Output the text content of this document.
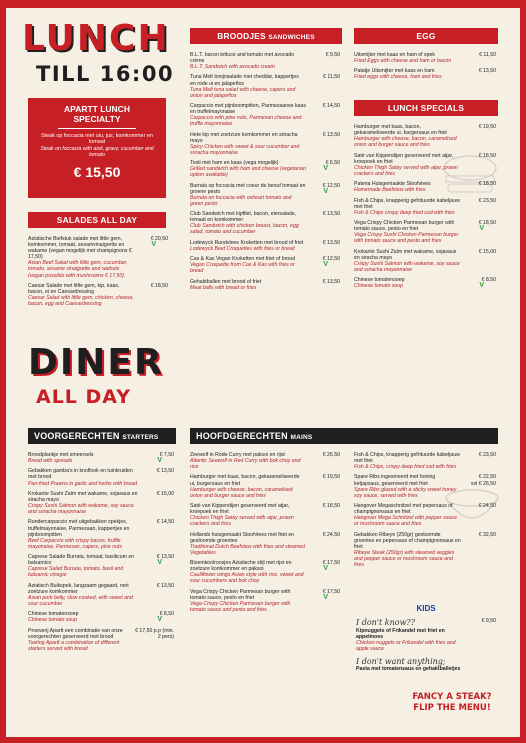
LUNCH
TILL 16:00
APARTT LUNCH SPECIALTY
Steak op foccacia met uiu, jus, komkommer en tomaat
Steak on foccacia with aioli, gravy, cucumber and tomato
€ 15,50
SALADES ALL DAY
Aziatische Biefstuk salade met little gem, komkommer, tomaat, sesamvinaigrette en wakame (vegan mogelijk met champignons € 17,50)
Asian Beef Salad with little gem, cucumber, tomato, sesame vinaigrette and walnuts (vegan possible with mushrooms € 17,50)
€ 20,50
V
Caesar Salade met little gem, kip, kaas, bacon, ei en Caesardressing
Caesar Salad with little gem, chicken, cheese, bacon, egg and Caesardressing
€ 18,50
DINER
ALL DAY
BROODJES SANDWICHES
B.L.T. bacon lettuce and tomato met avocado crème
B.L.T. Sandwich with avocado cream
€ 9,50
Tuna Melt tonijnsalade met cheddar, kappertjes en rode ui en jalapeños
Tuna Melt tuna salad with cheese, capers and onion and jalapeños
€ 11,50
Carpaccio met pijnboompitten, Parmezaanse kaas en truffelmayonaise
Carpaccio with pine nuts, Parmesan cheese and truffle mayonnaise
€ 14,50
Hete kip met zoetzure komkommer en sriracha mayo
Spicy Chicken with sweet & sour cucumber and sriracha mayonnaise
€ 13,50
Tosti met ham en kaas (vega mogelijk)
Grilled sandwich with ham and cheese (vegetarian option available)
€ 6,50
V
Burrata op foccacia met coeur de beouf tomaat en groene pesto
Burrata on foccacia with oxheart tomato and green pesto
€ 12,50
V
Club Sandwich met kipfilet, bacon, eiersalade, tomaat en komkommer
Club Sandwich with chicken breast, bacon, egg salad, tomato and cucumber
€ 13,50
Lodewyck Rundvlees Kroketten met brood of friet
Lodewyck Beef Croquettes with fries or bread
€ 13,50
Cas & Kas Vegan Kroketten met friet of brood
Vegan Croquette from Cas & Kas with fries or bread
€ 12,50
V
Gehaktballen met brood of friet
Meat balls with bread or fries
€ 13,50
EGG
Uitsmijter met kaas en ham of spek
Fried Eggs with cheese and ham or bacon
€ 11,50
Patatje Uitsmijter met kaas en ham
Fried eggs with cheese, ham and fries
€ 13,50
LUNCH SPECIALS
Hamburger met kaas, bacon, gekarameliseerde ui, burgersaus en friet
Hamburger with cheese, bacon, caramelised onion and burger sauce and fries
€ 19,50
Saté van Kippendijen geserveerd met atjar, kroepoek en friet
Chicken Thigh Satay served with atjar, prawn crackers and fries
€ 18,50
Pateria Huisgemaakte Stoofvlees
Homemade Beefstew with fries
€ 18,50
Fish & Chips, knapperig gefrituurde kabeljauw met friet
Fish & Chips crispy deep fried cod with fries
€ 23,50
Vega Crispy Chicken Parmesan burger with tomato sauce, pesto en friet
Vega Crispy Sushi Chicken Parmesan burger with tomato sauce and pesto and fries
€ 18,50
V
Krokante Sushi Zalm met wakame, sojasaus en siracha mayo
Crispy Sushi Salmon with wakame, soy sauce and sriracha mayonnaise
€ 15,00
Chinese tomatensoep
Chinese tomato soup
€ 8,50
V
VOORGERECHTEN STARTERS
Broodplankje met smeersels
Bread with spreads
€ 7,50
V
Gebakken gamba's in knoflook en tuinkruiden met brood
Pan-fried Prawns in garlic and herbs with bread
€ 13,50
Krokante Sushi Zalm met wakame, sojasaus en siracha mayo
Crispy Sushi Salmon with wakame, soy sauce and sriracha mayonnaise
€ 15,00
Rundercarpaccio met uitgebakken spekjes, truffelmayonaise, Parmezaan, kappertjes en pijnboompitten
Beef Carpaccio with crispy bacon, truffle mayonaise, Parmesan, capers, pine nuts
€ 14,50
Caprese Salade Burrata, tomaat, basilicum en balsamico
Caprese Salad Burrata, tomato, basil and balsamic vinegar
€ 13,50
V
Aziatisch Buikspek, langzaam gegaard, met zoetzure komkommer
Asian pork belly, slow cooked, with sweet and sour cucumber
€ 13,50
Chinese tomatensoep
Chinese tomato soup
€ 8,50
V
Proeverij Apartt een combinatie van onze voorgerechten geserveerd met brood
Tasting Apartt a combination of different starters served with bread
€ 17,50 p.p (min. 2 pers)
HOOFDGERECHTEN MAINS
Zeewolf in Rode Curry met paksoi en rijst
Atlantic Seawolf in Red Curry with bok choy and rice
€ 26,50
Hamburger met kaas, bacon, gekarameliseerde ui, burgersaus en friet
Hamburger with cheese, bacon, caramelised onion and burger sauce and fries
€ 19,50
Saté van Kippendijen geserveerd met atjar, kroepoek en friet
Chicken Thigh Satay served with atjar, prawn crackers and fries
€ 18,50
Hollands huisgemaakt Stoofvlees met friet en gestoomde groentes
Traditional Dutch Beefstew with fries and steamed Vegetables
€ 24,50
Bloemkoolroosjes Aziatische stijl met rijst en zoetzure komkommer en paksoi
Cauliflower wings Asian style with rice, sweet and sour cucumbers and bok choy
€ 17,50
V
Vega Crispy Chicken Parmesan burger with tomato sauce, pesto en friet
Vega Crispy Chicken Parmesan burger with tomato sauce and pesto and fries
€ 17,50
V
Fish & Chips, knapperig gefrituurde kabeljauw met friet
Fish & Chips, crispy deep fried cod with fries
€ 23,50
Spare Ribs ingesmeerd met honing ketjapsaus, geserveerd met friet
Spare Ribs glazed with a sticky sweet honey soy sauce, served with fries
€ 22,50
xxl € 26,50
Hangover Megaschnitzel met pepersaus of champignonsaus en friet
Hangover Mega Schnitzel with pepper sauce or mushroom sauce and fries
€ 24,50
Gebakken Ribeye (250gr) gestoomde groentes en pepersaus of champignonsaus en friet
Ribeye Steak (250gr) with steamed veggies and pepper sauce or mushroom sauce and fries
€ 32,50
KIDS
I don't know??
Kipnuggets of Frikandel met friet en appelmoes
Chicken nuggets or Frikandel with fries and apple sauce
€ 9,50
I don't want anything;
Pasta met tomatensaus en gehaktballetjes
FANCY A STEAK?
FLIP THE MENU!
